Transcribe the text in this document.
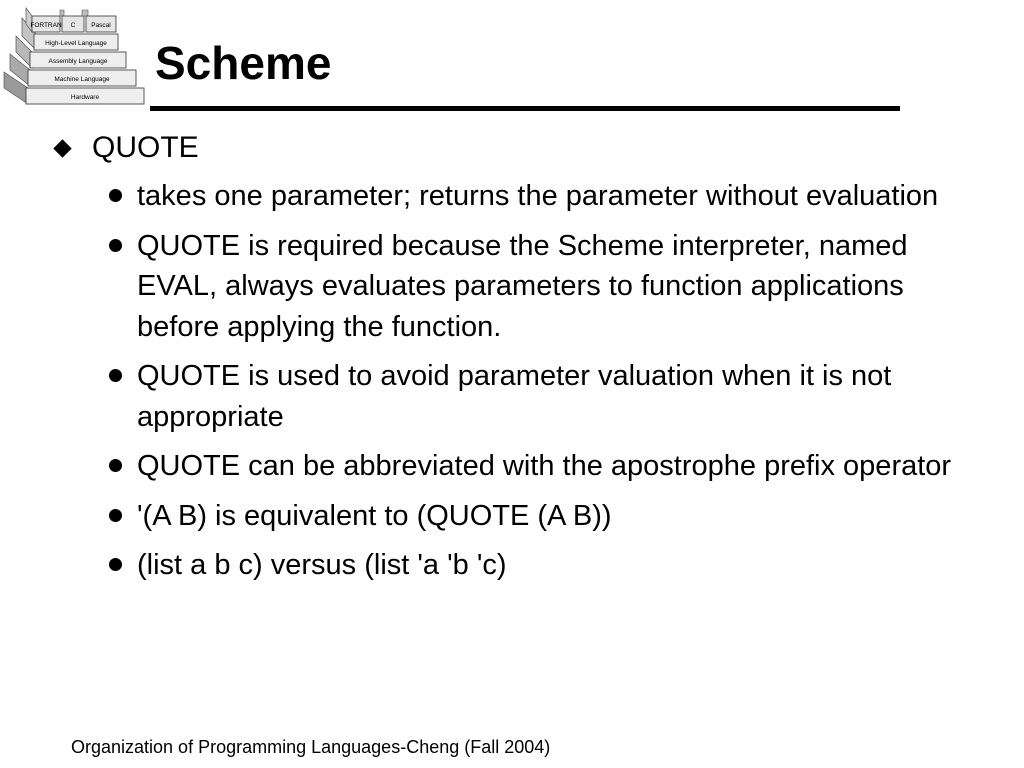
FORTRAN C Pascal
High-Level Language
Assembly Language
Machine Language
Hardware
Scheme
QUOTE
takes one parameter; returns the parameter without evaluation
QUOTE is required because the Scheme interpreter, named EVAL, always evaluates parameters to function applications before applying the function.
QUOTE is used to avoid parameter valuation when it is not appropriate
QUOTE can be abbreviated with the apostrophe prefix operator
'(A B) is equivalent to (QUOTE (A B))
(list a b c) versus (list 'a 'b 'c)
Organization of Programming Languages-Cheng (Fall 2004)
